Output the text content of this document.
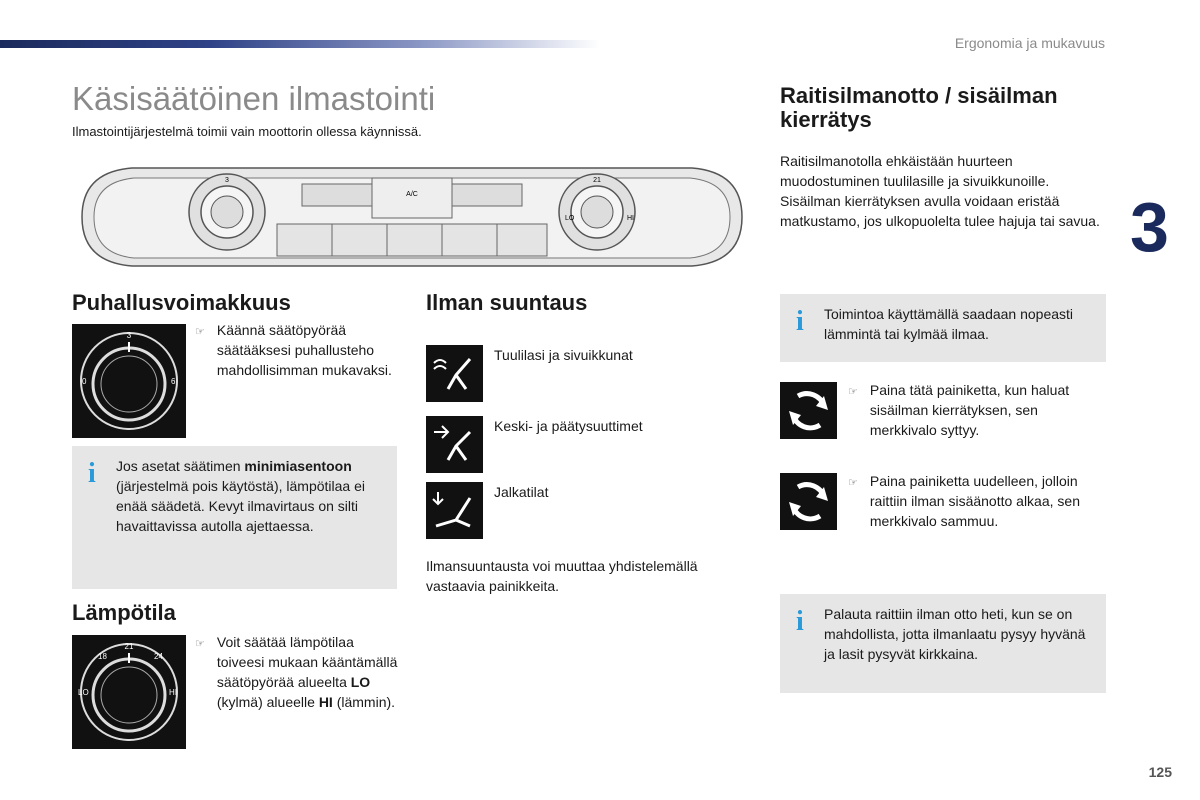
Ergonomia ja mukavuus
3
125
Käsisäätöinen ilmastointi
Ilmastointijärjestelmä toimii vain moottorin ollessa käynnissä.
A/C
3	21
LO	HI
Puhallusvoimakkuus
3
0	6
☞ Käännä säätöpyörää säätääksesi puhallusteho mahdollisimman mukavaksi.
i Jos asetat säätimen minimiasentoon (järjestelmä pois käytöstä), lämpötilaa ei enää säädetä. Kevyt ilmavirtaus on silti havaittavissa autolla ajettaessa.
Lämpötila
21
18	24
LO	HI
☞ Voit säätää lämpötilaa toiveesi mukaan kääntämällä säätöpyörää alueelta LO (kylmä) alueelle HI (lämmin).
Ilman suuntaus
Tuulilasi ja sivuikkunat
Keski- ja päätysuuttimet
Jalkatilat
Ilmansuuntausta voi muuttaa yhdistelemällä vastaavia painikkeita.
Raitisilmanotto / sisäilman kierrätys
Raitisilmanotolla ehkäistään huurteen muodostuminen tuulilasille ja sivuikkunoille. Sisäilman kierrätyksen avulla voidaan eristää matkustamo, jos ulkopuolelta tulee hajuja tai savua.
i Toimintoa käyttämällä saadaan nopeasti lämmintä tai kylmää ilmaa.
☞ Paina tätä painiketta, kun haluat sisäilman kierrätyksen, sen merkkivalo syttyy.
☞ Paina painiketta uudelleen, jolloin raittiin ilman sisäänotto alkaa, sen merkkivalo sammuu.
i Palauta raittiin ilman otto heti, kun se on mahdollista, jotta ilmanlaatu pysyy hyvänä ja lasit pysyvät kirkkaina.
